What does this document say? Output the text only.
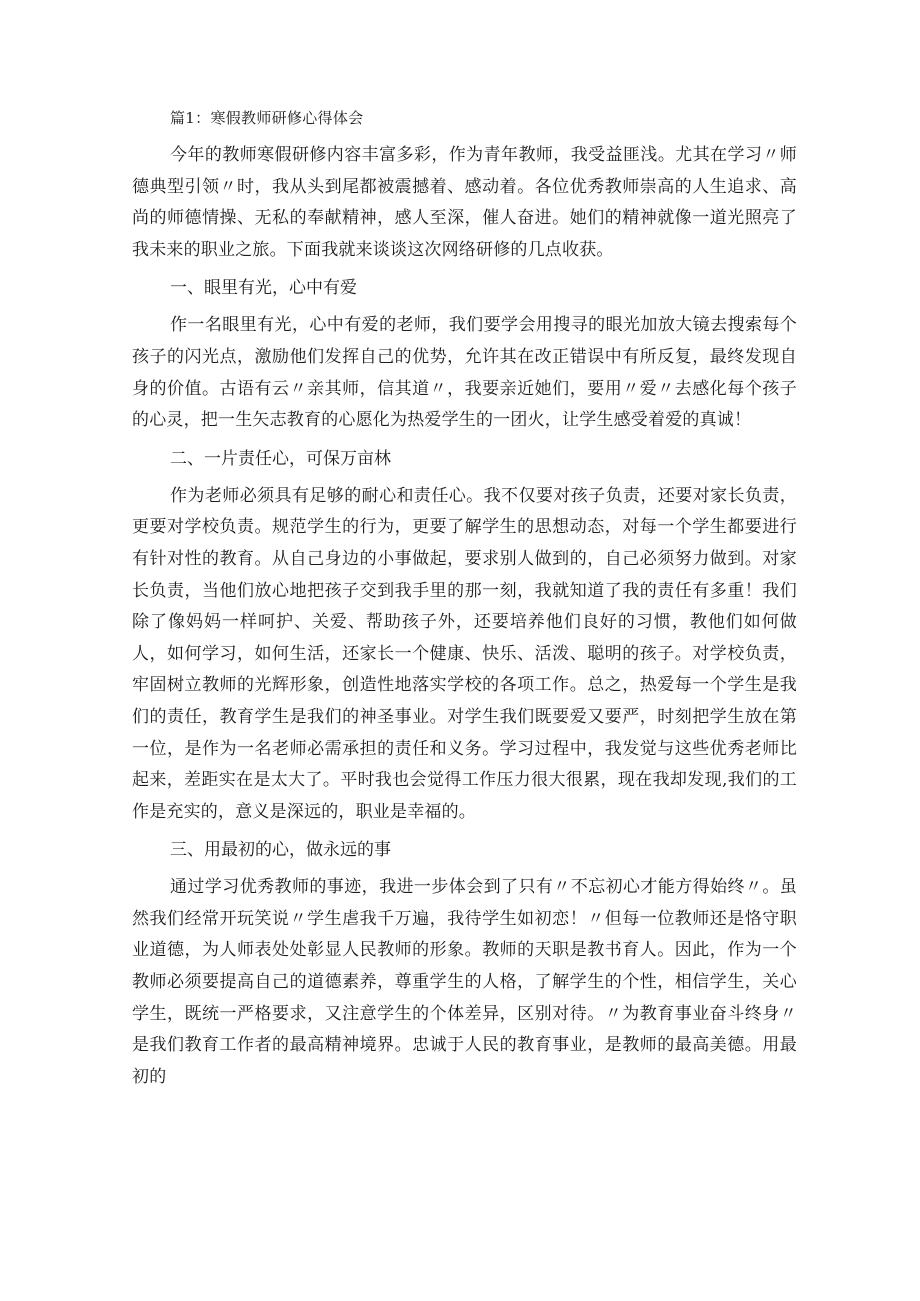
篇1：寒假教师研修心得体会

今年的教师寒假研修内容丰富多彩，作为青年教师，我受益匪浅。尤其在学习〃师德典型引领〃时，我从头到尾都被震撼着、感动着。各位优秀教师崇高的人生追求、高尚的师德情操、无私的奉献精神，感人至深，催人奋进。她们的精神就像一道光照亮了我未来的职业之旅。下面我就来谈谈这次网络研修的几点收获。

一、眼里有光，心中有爱

作一名眼里有光，心中有爱的老师，我们要学会用搜寻的眼光加放大镜去搜索每个孩子的闪光点，激励他们发挥自己的优势，允许其在改正错误中有所反复，最终发现自身的价值。古语有云〃亲其师，信其道〃，我要亲近她们，要用〃爱〃去感化每个孩子的心灵，把一生矢志教育的心愿化为热爱学生的一团火，让学生感受着爱的真诚！

二、一片责任心，可保万亩林

作为老师必须具有足够的耐心和责任心。我不仅要对孩子负责，还要对家长负责，更要对学校负责。规范学生的行为，更要了解学生的思想动态，对每一个学生都要进行有针对性的教育。从自己身边的小事做起，要求别人做到的，自己必须努力做到。对家长负责，当他们放心地把孩子交到我手里的那一刻，我就知道了我的责任有多重！我们除了像妈妈一样呵护、关爱、帮助孩子外，还要培养他们良好的习惯，教他们如何做人，如何学习，如何生活，还家长一个健康、快乐、活泼、聪明的孩子。对学校负责，牢固树立教师的光辉形象，创造性地落实学校的各项工作。总之，热爱每一个学生是我们的责任，教育学生是我们的神圣事业。对学生我们既要爱又要严，时刻把学生放在第一位，是作为一名老师必需承担的责任和义务。学习过程中，我发觉与这些优秀老师比起来，差距实在是太大了。平时我也会觉得工作压力很大很累，现在我却发现,我们的工作是充实的，意义是深远的，职业是幸福的。

三、用最初的心，做永远的事

通过学习优秀教师的事迹，我进一步体会到了只有〃不忘初心才能方得始终〃。虽然我们经常开玩笑说〃学生虐我千万遍，我待学生如初恋！〃但每一位教师还是恪守职业道德，为人师表处处彰显人民教师的形象。教师的天职是教书育人。因此，作为一个教师必须要提高自己的道德素养，尊重学生的人格，了解学生的个性，相信学生，关心学生，既统一严格要求，又注意学生的个体差异，区别对待。〃为教育事业奋斗终身〃是我们教育工作者的最高精神境界。忠诚于人民的教育事业，是教师的最高美德。用最初的
